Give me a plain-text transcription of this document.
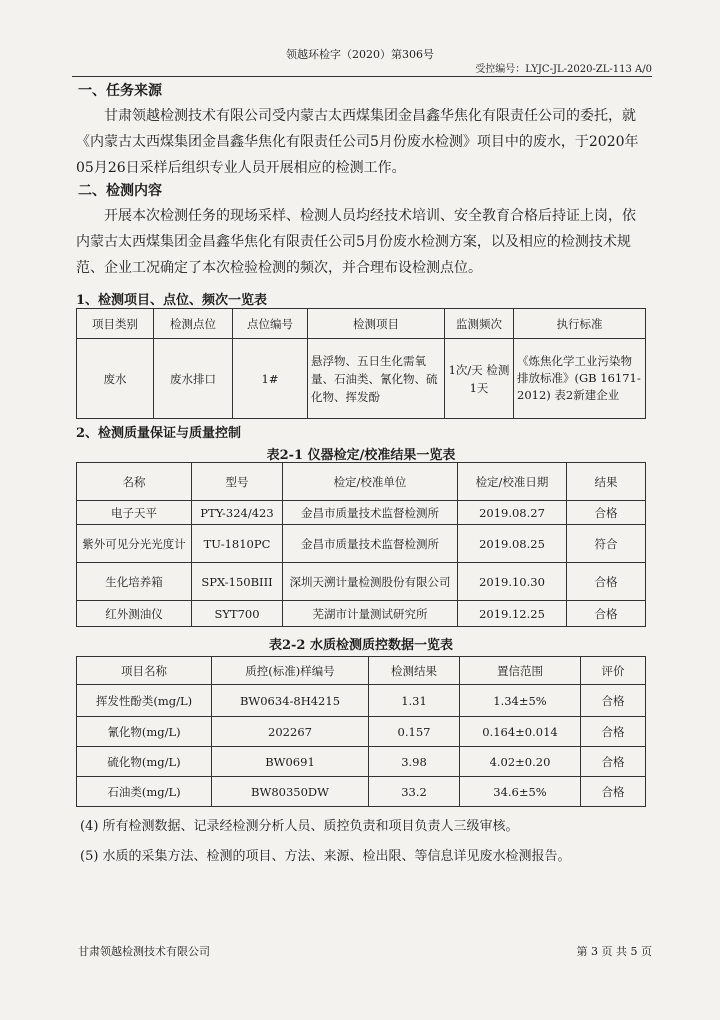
领越环检字（2020）第306号
受控编号：LYJC-JL-2020-ZL-113 A/0
一、任务来源
甘肃领越检测技术有限公司受内蒙古太西煤集团金昌鑫华焦化有限责任公司的委托，就《内蒙古太西煤集团金昌鑫华焦化有限责任公司5月份废水检测》项目中的废水，于2020年05月26日采样后组织专业人员开展相应的检测工作。
二、检测内容
开展本次检测任务的现场采样、检测人员均经技术培训、安全教育合格后持证上岗，依内蒙古太西煤集团金昌鑫华焦化有限责任公司5月份废水检测方案，以及相应的检测技术规范、企业工况确定了本次检验检测的频次，并合理布设检测点位。
1、检测项目、点位、频次一览表
项目类别	检测点位	点位编号	检测项目	监测频次	执行标准
废水	废水排口	1#	悬浮物、五日生化需氧量、石油类、氰化物、硫化物、挥发酚	1次/天 检测1天	《炼焦化学工业污染物排放标准》(GB 16171- 2012) 表2新建企业
2、检测质量保证与质量控制
表2-1 仪器检定/校准结果一览表
名称	型号	检定/校准单位	检定/校准日期	结果
电子天平	PTY-324/423	金昌市质量技术监督检测所	2019.08.27	合格
紫外可见分光光度计	TU-1810PC	金昌市质量技术监督检测所	2019.08.25	符合
生化培养箱	SPX-150BIII	深圳天溯计量检测股份有限公司	2019.10.30	合格
红外测油仪	SYT700	芜湖市计量测试研究所	2019.12.25	合格
表2-2 水质检测质控数据一览表
项目名称	质控(标准)样编号	检测结果	置信范围	评价
挥发性酚类(mg/L)	BW0634-8H4215	1.31	1.34±5%	合格
氰化物(mg/L)	202267	0.157	0.164±0.014	合格
硫化物(mg/L)	BW0691	3.98	4.02±0.20	合格
石油类(mg/L)	BW80350DW	33.2	34.6±5%	合格
(4) 所有检测数据、记录经检测分析人员、质控负责和项目负责人三级审核。
(5) 水质的采集方法、检测的项目、方法、来源、检出限、等信息详见废水检测报告。
甘肃领越检测技术有限公司	第 3 页 共 5 页
